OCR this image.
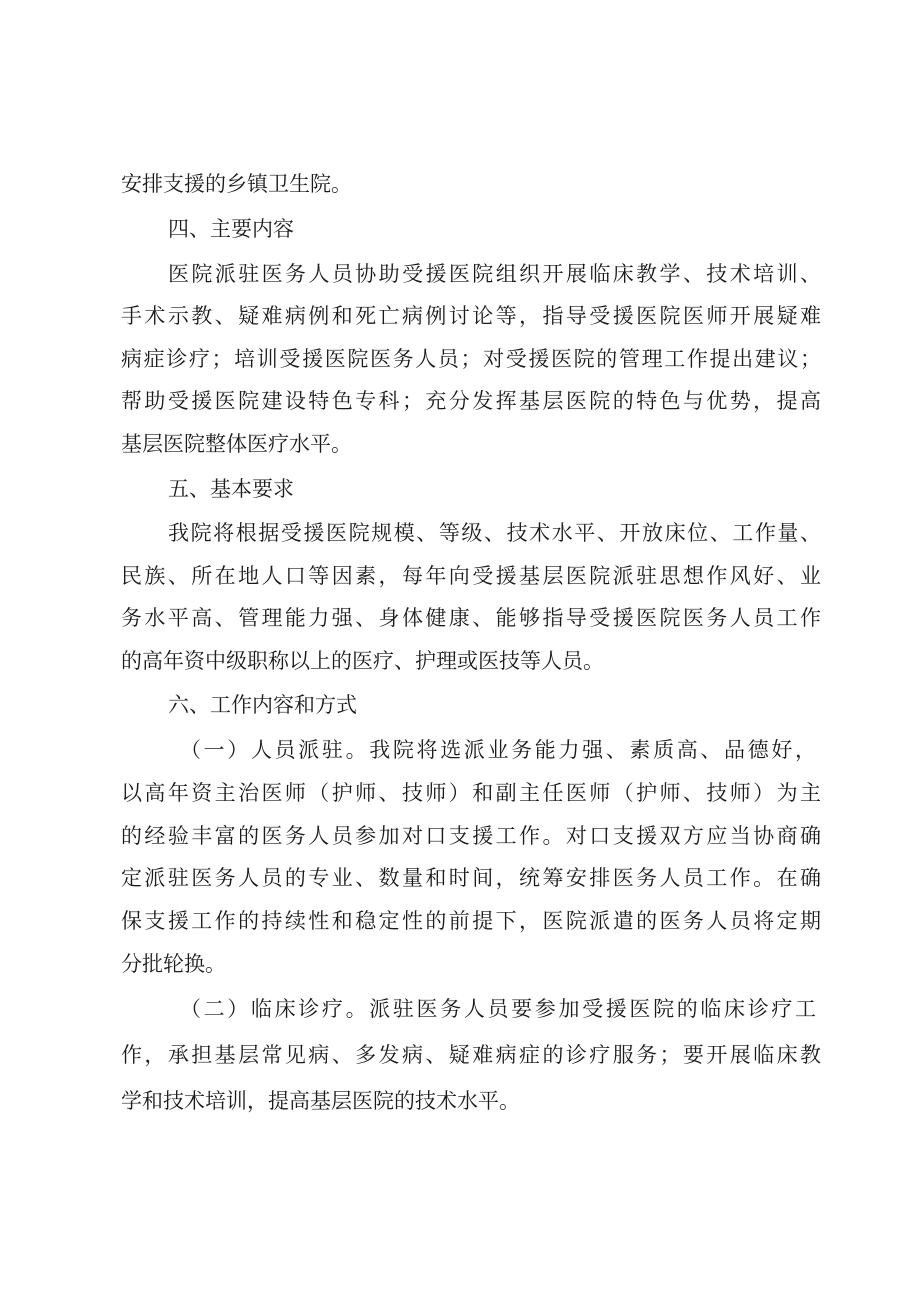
安排支援的乡镇卫生院。

四、主要内容

医院派驻医务人员协助受援医院组织开展临床教学、技术培训、

手术示教、疑难病例和死亡病例讨论等，指导受援医院医师开展疑难

病症诊疗；培训受援医院医务人员；对受援医院的管理工作提出建议；

帮助受援医院建设特色专科；充分发挥基层医院的特色与优势，提高

基层医院整体医疗水平。

五、基本要求

我院将根据受援医院规模、等级、技术水平、开放床位、工作量、

民族、所在地人口等因素，每年向受援基层医院派驻思想作风好、业

务水平高、管理能力强、身体健康、能够指导受援医院医务人员工作

的高年资中级职称以上的医疗、护理或医技等人员。

六、工作内容和方式

（一）人员派驻。我院将选派业务能力强、素质高、品德好，

以高年资主治医师（护师、技师）和副主任医师（护师、技师）为主

的经验丰富的医务人员参加对口支援工作。对口支援双方应当协商确

定派驻医务人员的专业、数量和时间，统筹安排医务人员工作。在确

保支援工作的持续性和稳定性的前提下，医院派遣的医务人员将定期

分批轮换。

（二）临床诊疗。派驻医务人员要参加受援医院的临床诊疗工

作，承担基层常见病、多发病、疑难病症的诊疗服务；要开展临床教

学和技术培训，提高基层医院的技术水平。
